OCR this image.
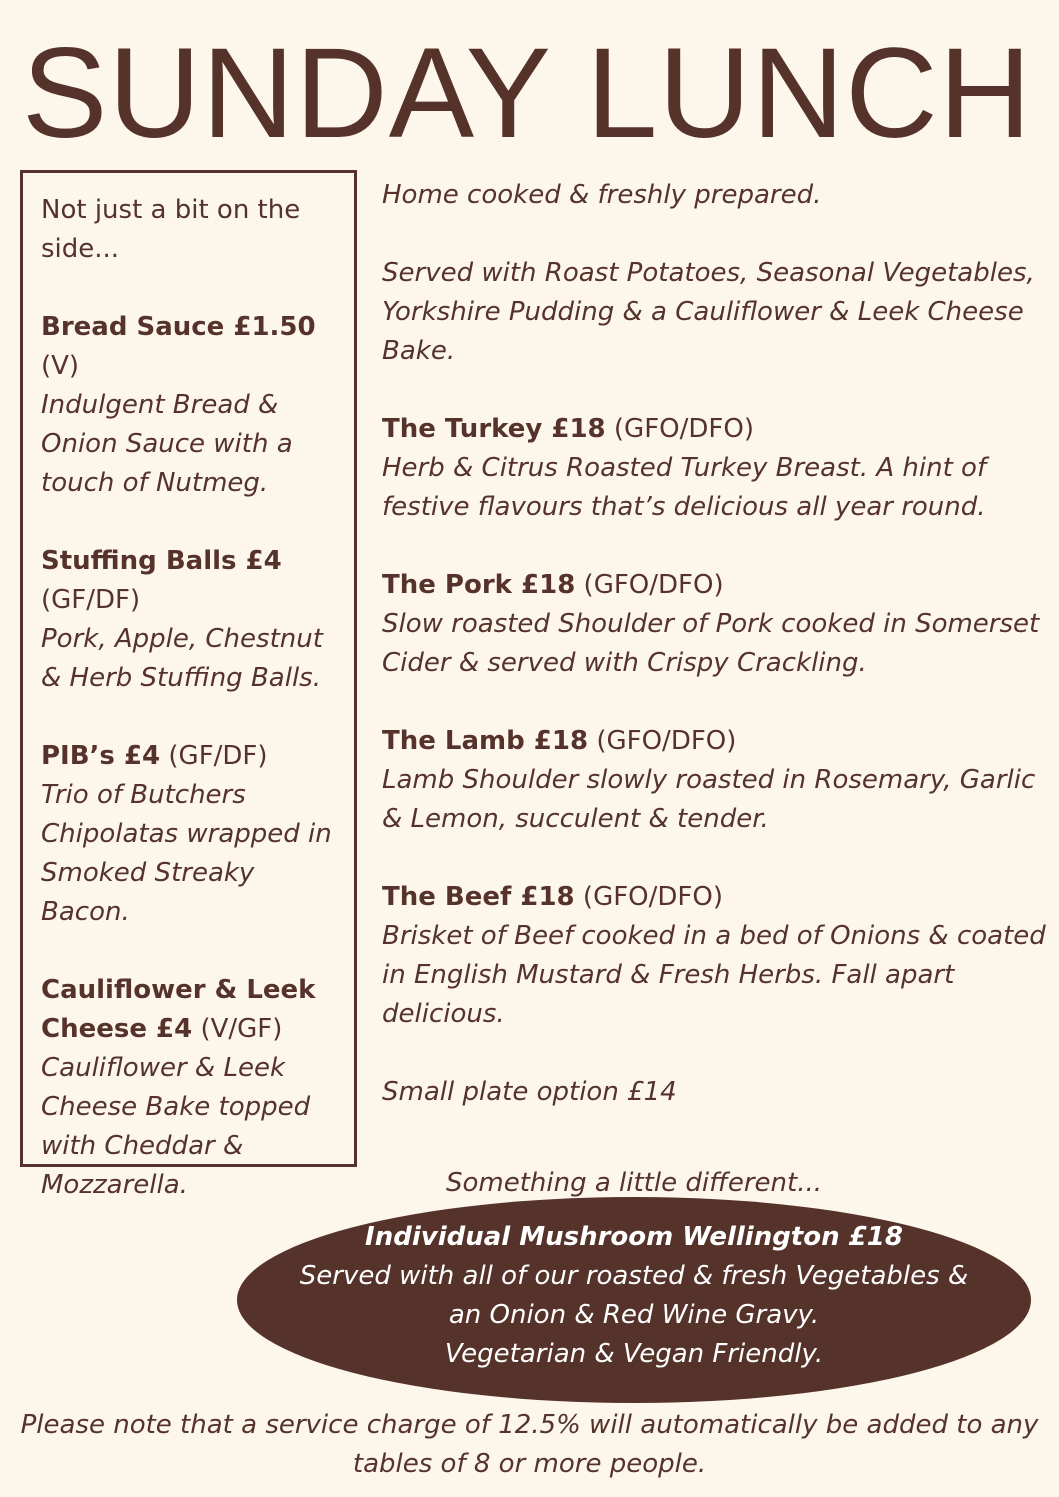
SUNDAY LUNCH

Not just a bit on the side...

Bread Sauce £1.50 (V)

Indulgent Bread & Onion Sauce with a touch of Nutmeg.

Stuffing Balls £4

(GF/DF)

Pork, Apple, Chestnut & Herb Stuffing Balls.

PIB’s £4 (GF/DF)

Trio of Butchers Chipolatas wrapped in Smoked Streaky Bacon.

Cauliflower & Leek Cheese £4 (V/GF)

Cauliflower & Leek Cheese Bake topped with Cheddar & Mozzarella.

Home cooked & freshly prepared.

Served with Roast Potatoes, Seasonal Vegetables, Yorkshire Pudding & a Cauliflower & Leek Cheese Bake.

The Turkey £18 (GFO/DFO)

Herb & Citrus Roasted Turkey Breast. A hint of festive flavours that’s delicious all year round.

The Pork £18 (GFO/DFO)

Slow roasted Shoulder of Pork cooked in Somerset Cider & served with Crispy Crackling.

The Lamb £18 (GFO/DFO)

Lamb Shoulder slowly roasted in Rosemary, Garlic & Lemon, succulent & tender.

The Beef £18 (GFO/DFO)

Brisket of Beef cooked in a bed of Onions & coated in English Mustard & Fresh Herbs. Fall apart delicious.

Small plate option £14

Something a little different...

Individual Mushroom Wellington £18

Served with all of our roasted & fresh Vegetables &

an Onion & Red Wine Gravy.

Vegetarian & Vegan Friendly.

Please note that a service charge of 12.5% will automatically be added to any tables of 8 or more people.
